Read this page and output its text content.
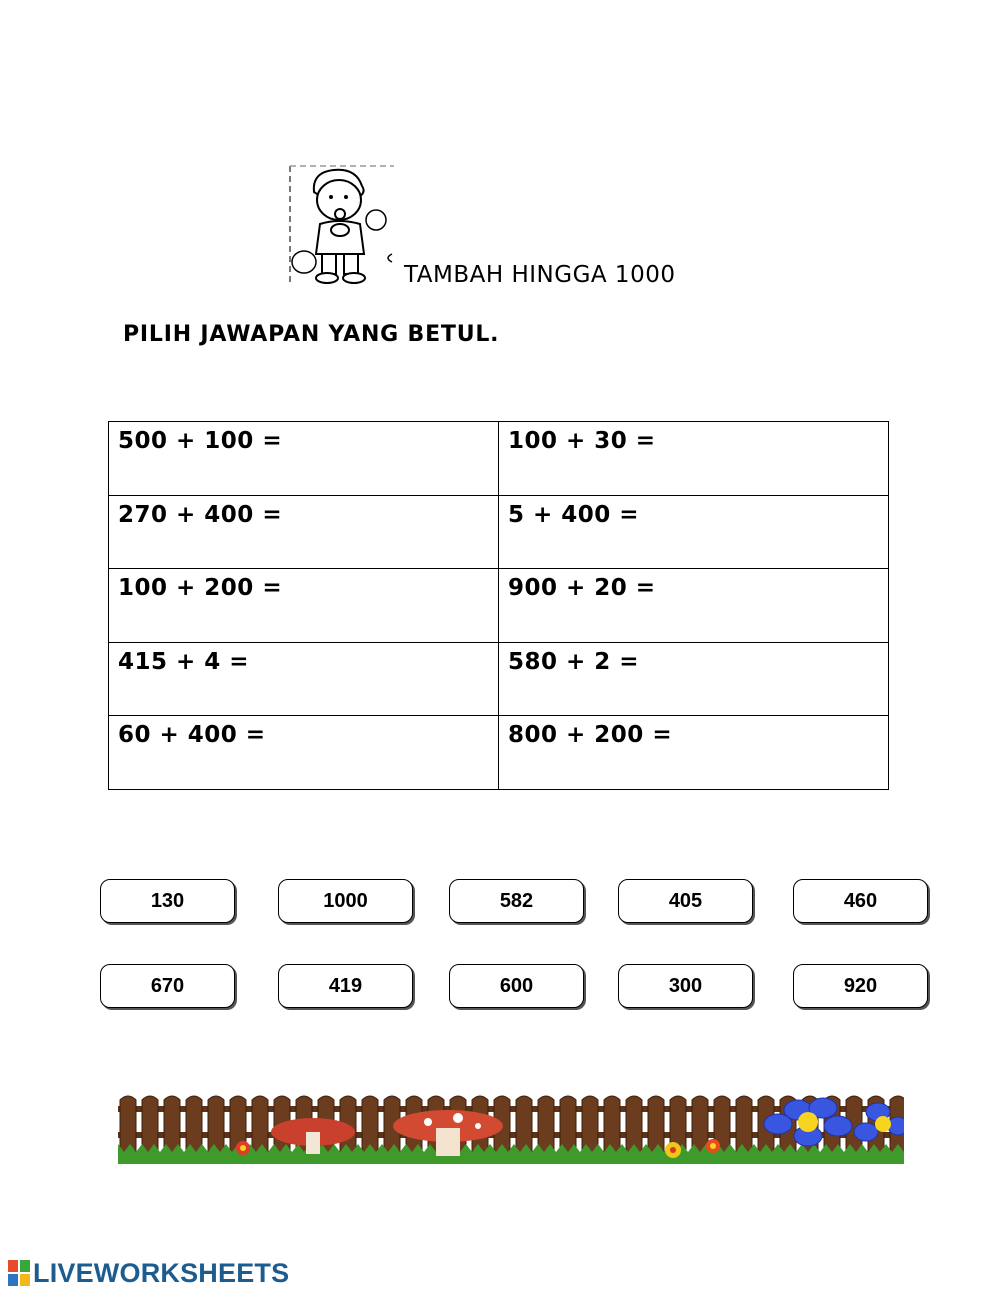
TAMBAH HINGGA 1000
PILIH JAWAPAN YANG BETUL.
500 + 100 =	100 + 30 =
270 + 400 =	5 + 400 =
100 + 200 =	900 + 20 =
415 + 4 =	580 + 2 =
60 + 400 =	800 + 200 =
130	1000	582	405	460
670	419	600	300	920
LIVEWORKSHEETS
